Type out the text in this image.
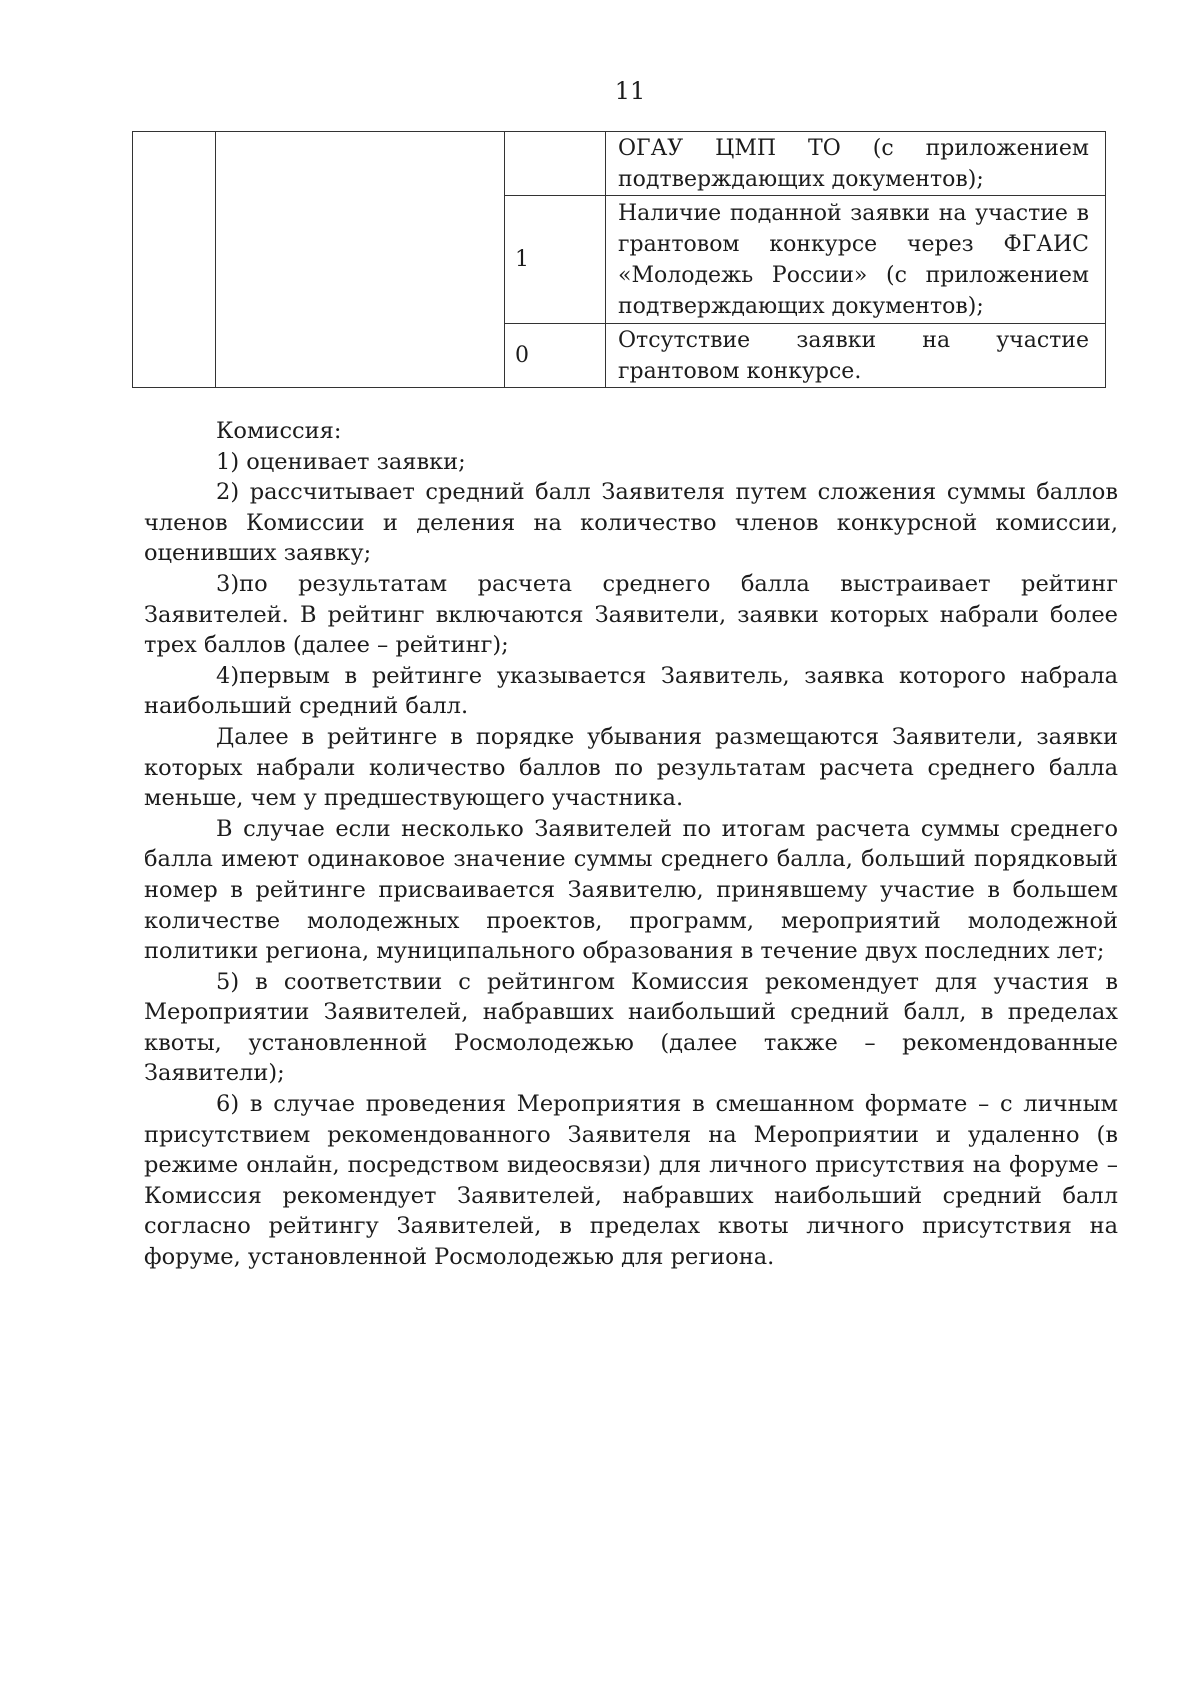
11
			ОГАУ ЦМП ТО (с приложением подтверждающих документов);
		1	Наличие поданной заявки на участие в грантовом конкурсе через ФГАИС «Молодежь России» (с приложением подтверждающих документов);
		0	Отсутствие заявки на участие грантовом конкурсе.

Комиссия:

1) оценивает заявки;

2) рассчитывает средний балл Заявителя путем сложения суммы баллов членов Комиссии и деления на количество членов конкурсной комиссии, оценивших заявку;

3)по результатам расчета среднего балла выстраивает рейтинг Заявителей. В рейтинг включаются Заявители, заявки которых набрали более трех баллов (далее – рейтинг);

4)первым в рейтинге указывается Заявитель, заявка которого набрала наибольший средний балл.

Далее в рейтинге в порядке убывания размещаются Заявители, заявки которых набрали количество баллов по результатам расчета среднего балла меньше, чем у предшествующего участника.

В случае если несколько Заявителей по итогам расчета суммы среднего балла имеют одинаковое значение суммы среднего балла, больший порядковый номер в рейтинге присваивается Заявителю, принявшему участие в большем количестве молодежных проектов, программ, мероприятий молодежной политики региона, муниципального образования в течение двух последних лет;

5) в соответствии с рейтингом Комиссия рекомендует для участия в Мероприятии Заявителей, набравших наибольший средний балл, в пределах квоты, установленной Росмолодежью (далее также – рекомендованные Заявители);

6) в случае проведения Мероприятия в смешанном формате – с личным присутствием рекомендованного Заявителя на Мероприятии и удаленно (в режиме онлайн, посредством видеосвязи) для личного присутствия на форуме – Комиссия рекомендует Заявителей, набравших наибольший средний балл согласно рейтингу Заявителей, в пределах квоты личного присутствия на форуме, установленной Росмолодежью для региона.
